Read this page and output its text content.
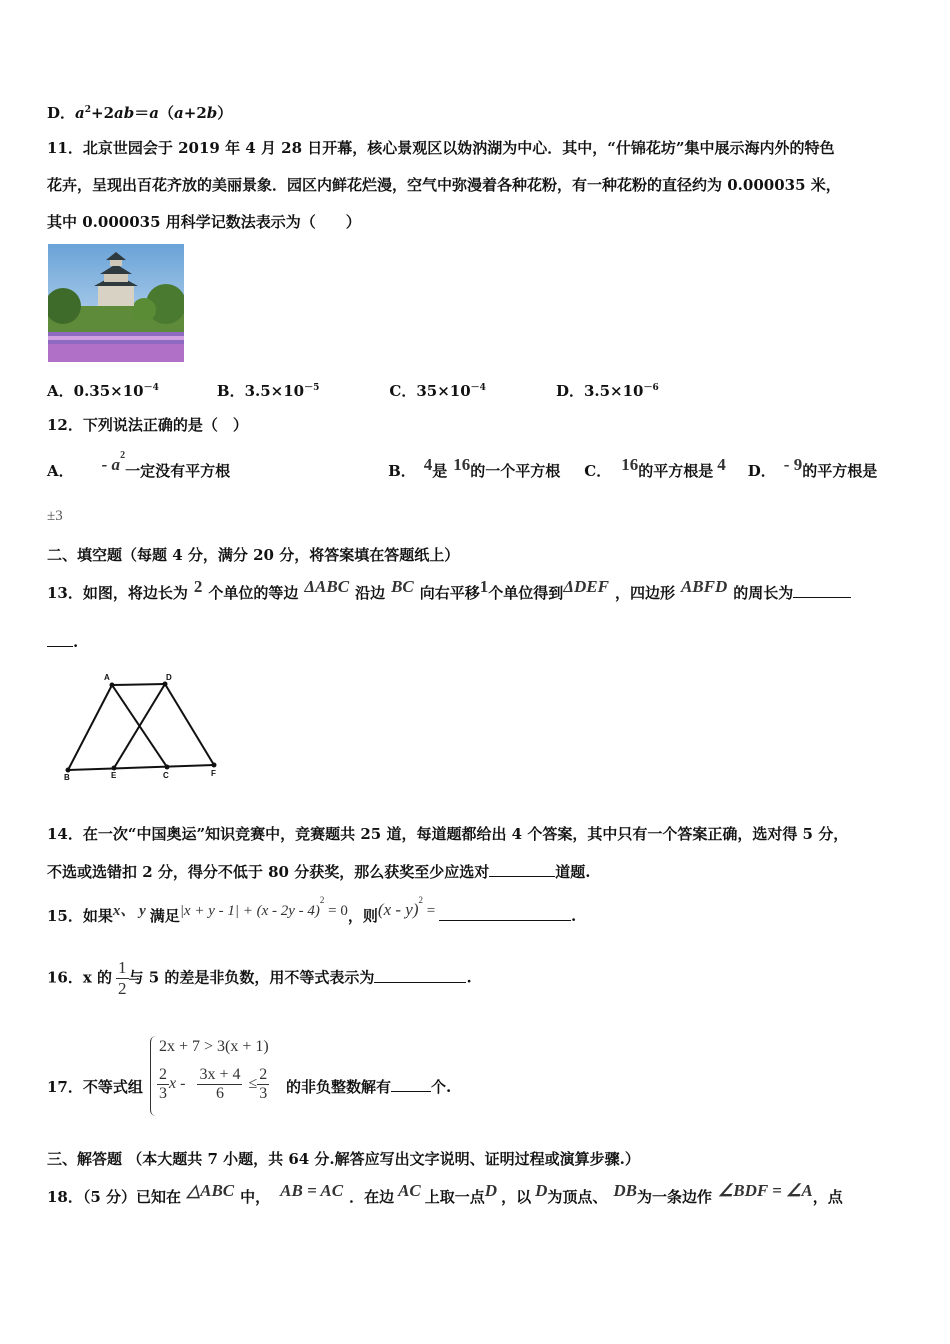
D．$a^2+2ab=a(a+2b)$
11．北京世园会于 2019 年 4 月 28 日开幕，核心景观区以妫汭湖为中心．其中，“什锦花坊”集中展示海内外的特色
花卉，呈现出百花齐放的美丽景象．园区内鲜花烂漫，空气中弥漫着各种花粉，有一种花粉的直径约为 0.000035 米，
其中 0.000035 用科学记数法表示为（　　）
A．$0.35\times 10^{-4}$	B．$3.5\times 10^{-5}$	C．$35\times 10^{-4}$	D．$3.5\times 10^{-6}$
12．下列说法正确的是（　）
A． - $a^2$一定没有平方根	B． 4是 16的一个平方根 C． 16的平方根是 4 D． - 9的平方根是
±3
二、填空题（每题 4 分，满分 20 分，将答案填在答题纸上）
13．如图，将边长为 2 个单位的等边 ΔABC 沿边 BC 向右平移1个单位得到ΔDEF ，四边形 ABFD 的周长为
.
A	D
B	E	C	F
14．在一次“中国奥运”知识竞赛中，竞赛题共 25 道，每道题都给出 4 个答案，其中只有一个答案正确，选对得 5 分，
不选或选错扣 2 分，得分不低于 80 分获奖，那么获奖至少应选对	道题.
15．如果x、 y 满足|x + y - 1| + (x - 2y - 4)$^2$ = 0，则(x - y)$^2$ =	.
16．x 的 $\frac{1}{2}$ 与 5 的差是非负数，用不等式表示为	.
17．不等式组
2x + 7 > 3(x + 1)
$\frac{2}{3}$ $x - \frac{3x + 4}{6} \le \frac{2}{3}$ 的非负整数解有	个.
三、解答题 （本大题共 7 小题，共 64 分.解答应写出文字说明、证明过程或演算步骤.）
18．（5 分）已知在 △ABC 中， AB = AC ．在边 AC 上取一点D ，以 D为顶点、 DB为一条边作 ∠BDF = ∠A，点
